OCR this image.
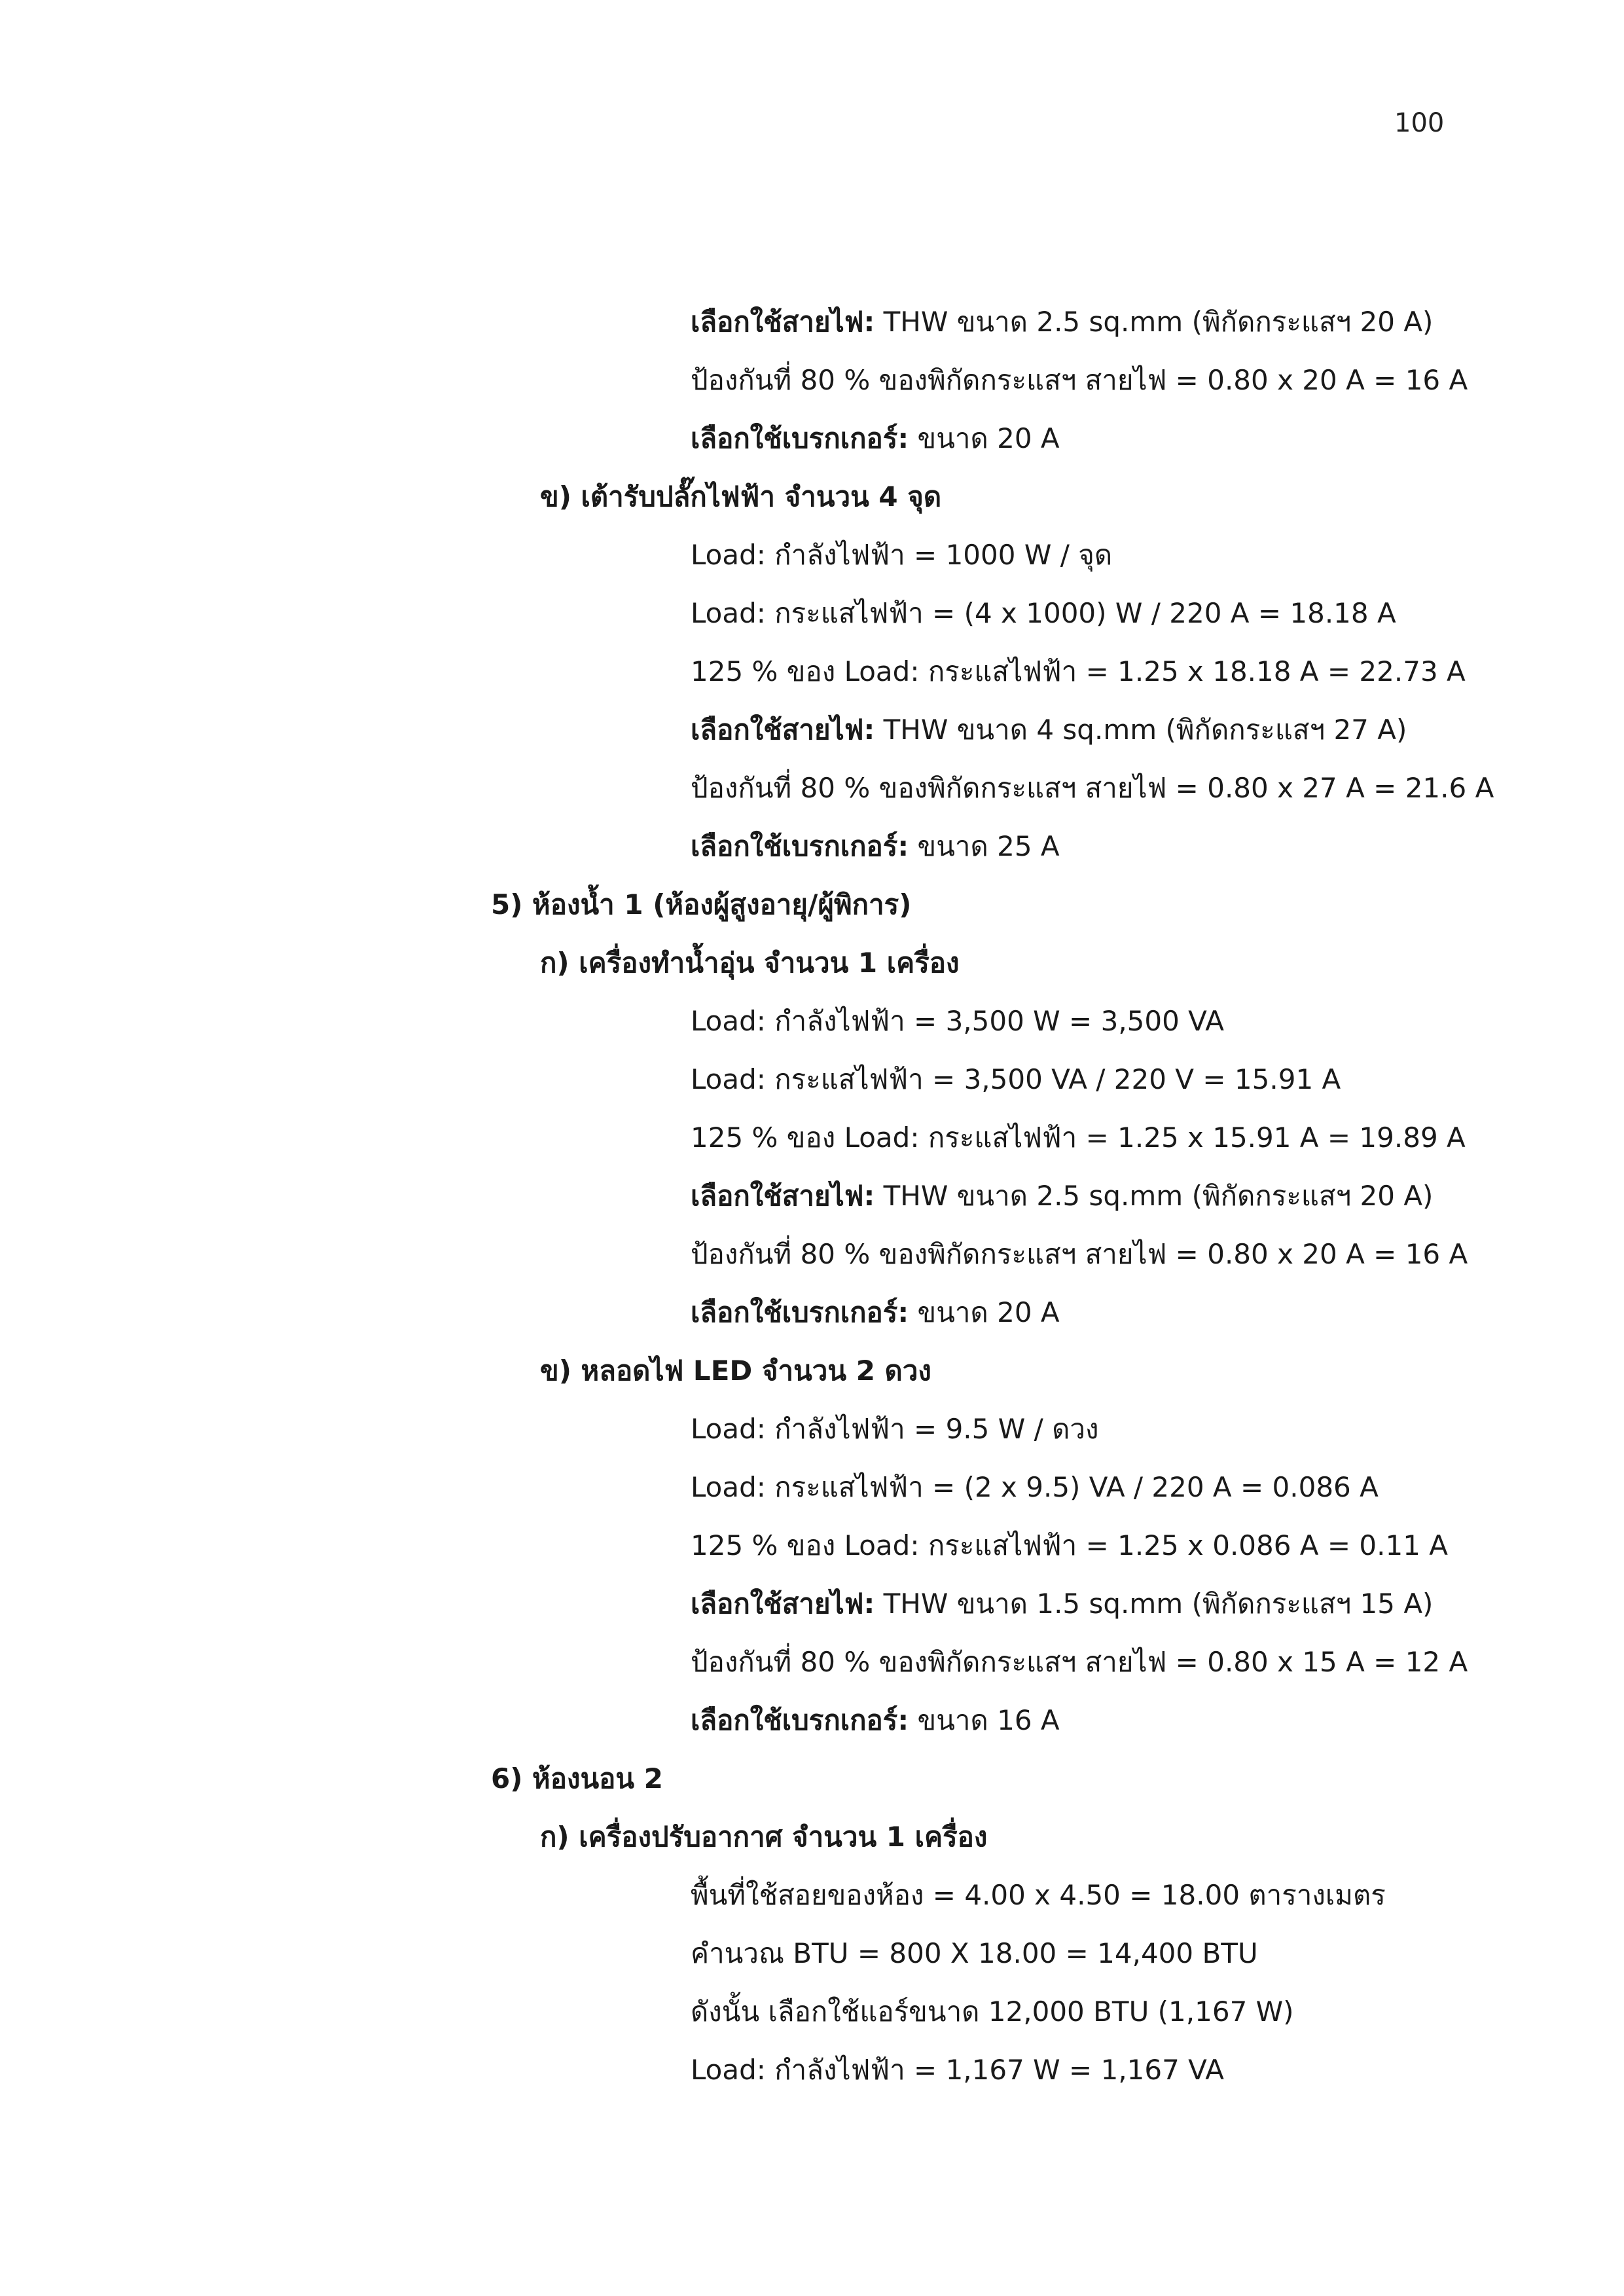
100
เลือกใช้สายไฟ: THW ขนาด 2.5 sq.mm (พิกัดกระแสฯ 20 A)
ป้องกันที่ 80 % ของพิกัดกระแสฯ สายไฟ = 0.80 x 20 A = 16 A
เลือกใช้เบรกเกอร์: ขนาด 20 A
ข) เต้ารับปลั๊กไฟฟ้า จำนวน 4 จุด
Load: กำลังไฟฟ้า = 1000 W / จุด
Load: กระแสไฟฟ้า = (4 x 1000) W / 220 A = 18.18 A
125 % ของ Load: กระแสไฟฟ้า = 1.25 x 18.18 A = 22.73 A
เลือกใช้สายไฟ: THW ขนาด 4 sq.mm (พิกัดกระแสฯ 27 A)
ป้องกันที่ 80 % ของพิกัดกระแสฯ สายไฟ = 0.80 x 27 A = 21.6 A
เลือกใช้เบรกเกอร์: ขนาด 25 A
5) ห้องน้ำ 1 (ห้องผู้สูงอายุ/ผู้พิการ)
ก) เครื่องทำน้ำอุ่น จำนวน 1 เครื่อง
Load: กำลังไฟฟ้า = 3,500 W = 3,500 VA
Load: กระแสไฟฟ้า = 3,500 VA / 220 V = 15.91 A
125 % ของ Load: กระแสไฟฟ้า = 1.25 x 15.91 A = 19.89 A
เลือกใช้สายไฟ: THW ขนาด 2.5 sq.mm (พิกัดกระแสฯ 20 A)
ป้องกันที่ 80 % ของพิกัดกระแสฯ สายไฟ = 0.80 x 20 A = 16 A
เลือกใช้เบรกเกอร์: ขนาด 20 A
ข) หลอดไฟ LED จำนวน 2 ดวง
Load: กำลังไฟฟ้า = 9.5 W / ดวง
Load: กระแสไฟฟ้า = (2 x 9.5) VA / 220 A = 0.086 A
125 % ของ Load: กระแสไฟฟ้า = 1.25 x 0.086 A = 0.11 A
เลือกใช้สายไฟ: THW ขนาด 1.5 sq.mm (พิกัดกระแสฯ 15 A)
ป้องกันที่ 80 % ของพิกัดกระแสฯ สายไฟ = 0.80 x 15 A = 12 A
เลือกใช้เบรกเกอร์: ขนาด 16 A
6) ห้องนอน 2
ก) เครื่องปรับอากาศ จำนวน 1 เครื่อง
พื้นที่ใช้สอยของห้อง = 4.00 x 4.50 = 18.00 ตารางเมตร
คำนวณ BTU = 800 X 18.00 = 14,400 BTU
ดังนั้น เลือกใช้แอร์ขนาด 12,000 BTU (1,167 W)
Load: กำลังไฟฟ้า = 1,167 W = 1,167 VA
